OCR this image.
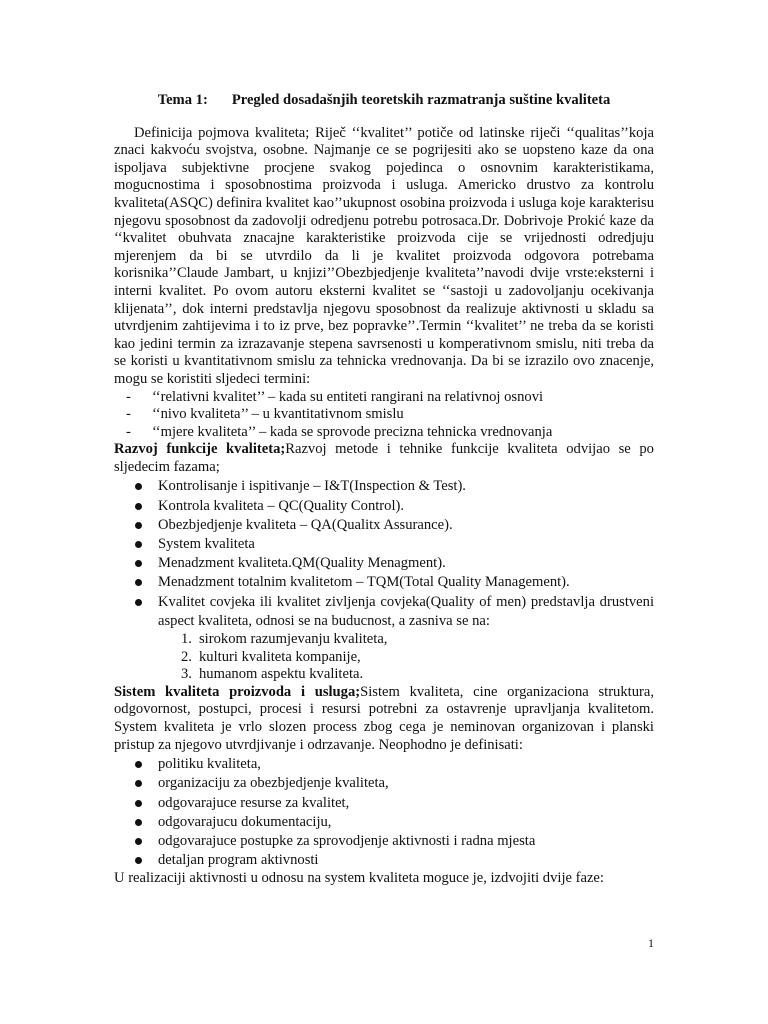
Tema 1: Pregled dosadašnjih teoretskih razmatranja suštine kvaliteta

Definicija pojmova kvaliteta; Riječ ‘‘kvalitet’’ potiče od latinske riječi ‘‘qualitas’’koja znaci kakvoću svojstva, osobne. Najmanje ce se pogrijesiti ako se uopsteno kaze da ona ispoljava subjektivne procjene svakog pojedinca o osnovnim karakteristikama, mogucnostima i sposobnostima proizvoda i usluga. Americko drustvo za kontrolu kvaliteta(ASQC) definira kvalitet kao’’ukupnost osobina proizvoda i usluga koje karakterisu njegovu sposobnost da zadovolji odredjenu potrebu potrosaca.Dr. Dobrivoje Prokić kaze da ‘‘kvalitet obuhvata znacajne karakteristike proizvoda cije se vrijednosti odredjuju mjerenjem da bi se utvrdilo da li je kvalitet proizvoda odgovora potrebama korisnika’’Claude Jambart, u knjizi’’Obezbjedjenje kvaliteta’’navodi dvije vrste:eksterni i interni kvalitet. Po ovom autoru eksterni kvalitet se ‘‘sastoji u zadovoljanju ocekivanja klijenata’’, dok interni predstavlja njegovu sposobnost da realizuje aktivnosti u skladu sa utvrdjenim zahtijevima i to iz prve, bez popravke’’.Termin ‘‘kvalitet’’ ne treba da se koristi kao jedini termin za izrazavanje stepena savrsenosti u komperativnom smislu, niti treba da se koristi u kvantitativnom smislu za tehnicka vrednovanja. Da bi se izrazilo ovo znacenje, mogu se koristiti sljedeci termini:

- ‘‘relativni kvalitet’’ – kada su entiteti rangirani na relativnoj osnovi
- ‘‘nivo kvaliteta’’ – u kvantitativnom smislu
- ‘‘mjere kvaliteta’’ – kada se sprovode precizna tehnicka vrednovanja

Razvoj funkcije kvaliteta;Razvoj metode i tehnike funkcije kvaliteta odvijao se po sljedecim fazama;

Kontrolisanje i ispitivanje – I&T(Inspection & Test).
Kontrola kvaliteta – QC(Quality Control).
Obezbjedjenje kvaliteta – QA(Qualitx Assurance).
System kvaliteta
Menadzment kvaliteta.QM(Quality Menagment).
Menadzment totalnim kvalitetom – TQM(Total Quality Management).
Kvalitet covjeka ili kvalitet zivljenja covjeka(Quality of men) predstavlja drustveni aspect kvaliteta, odnosi se na buducnost, a zasniva se na:
1. sirokom razumjevanju kvaliteta,
2. kulturi kvaliteta kompanije,
3. humanom aspektu kvaliteta.

Sistem kvaliteta proizvoda i usluga;Sistem kvaliteta, cine organizaciona struktura, odgovornost, postupci, procesi i resursi potrebni za ostavrenje upravljanja kvalitetom. System kvaliteta je vrlo slozen process zbog cega je neminovan organizovan i planski pristup za njegovo utvrdjivanje i odrzavanje. Neophodno je definisati:

politiku kvaliteta,
organizaciju za obezbjedjenje kvaliteta,
odgovarajuce resurse za kvalitet,
odgovarajucu dokumentaciju,
odgovarajuce postupke za sprovodjenje aktivnosti i radna mjesta
detaljan program aktivnosti

U realizaciji aktivnosti u odnosu na system kvaliteta moguce je, izdvojiti dvije faze:

1
